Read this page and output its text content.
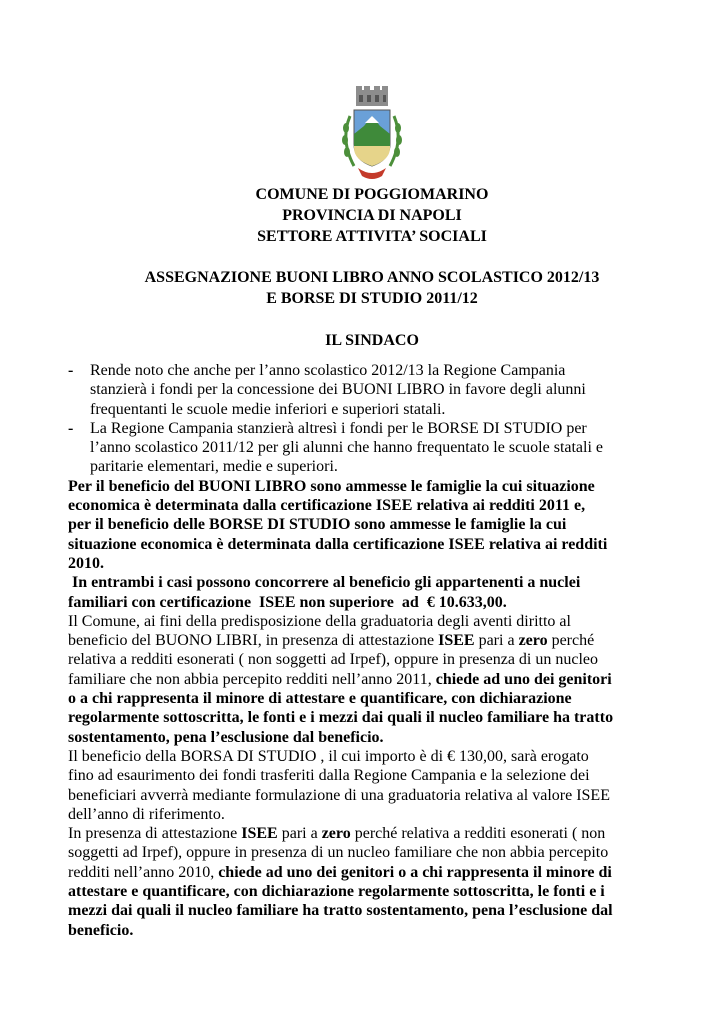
COMUNE DI POGGIOMARINO
PROVINCIA DI NAPOLI
SETTORE ATTIVITA’ SOCIALI
ASSEGNAZIONE BUONI LIBRO ANNO SCOLASTICO 2012/13
E BORSE DI STUDIO 2011/12
IL SINDACO
- Rende noto che anche per l’anno scolastico 2012/13 la Regione Campania
stanzierà i fondi per la concessione dei BUONI LIBRO in favore degli alunni
frequentanti le scuole medie inferiori e superiori statali.
- La Regione Campania stanzierà altresì i fondi per le BORSE DI STUDIO per
l’anno scolastico 2011/12 per gli alunni che hanno frequentato le scuole statali e
paritarie elementari, medie e superiori.
Per il beneficio del BUONI LIBRO sono ammesse le famiglie la cui situazione
economica è determinata dalla certificazione ISEE relativa ai redditi 2011 e,
per il beneficio delle BORSE DI STUDIO sono ammesse le famiglie la cui
situazione economica è determinata dalla certificazione ISEE relativa ai redditi
2010.
In entrambi i casi possono concorrere al beneficio gli appartenenti a nuclei
familiari con certificazione  ISEE non superiore  ad  € 10.633,00.
Il Comune, ai fini della predisposizione della graduatoria degli aventi diritto al
beneficio del BUONO LIBRI, in presenza di attestazione ISEE pari a zero perché
relativa a redditi esonerati ( non soggetti ad Irpef), oppure in presenza di un nucleo
familiare che non abbia percepito redditi nell’anno 2011, chiede ad uno dei genitori
o a chi rappresenta il minore di attestare e quantificare, con dichiarazione
regolarmente sottoscritta, le fonti e i mezzi dai quali il nucleo familiare ha tratto
sostentamento, pena l’esclusione dal beneficio.
Il beneficio della BORSA DI STUDIO , il cui importo è di € 130,00, sarà erogato
fino ad esaurimento dei fondi trasferiti dalla Regione Campania e la selezione dei
beneficiari avverrà mediante formulazione di una graduatoria relativa al valore ISEE
dell’anno di riferimento.
In presenza di attestazione ISEE pari a zero perché relativa a redditi esonerati ( non
soggetti ad Irpef), oppure in presenza di un nucleo familiare che non abbia percepito
redditi nell’anno 2010, chiede ad uno dei genitori o a chi rappresenta il minore di
attestare e quantificare, con dichiarazione regolarmente sottoscritta, le fonti e i
mezzi dai quali il nucleo familiare ha tratto sostentamento, pena l’esclusione dal
beneficio.
